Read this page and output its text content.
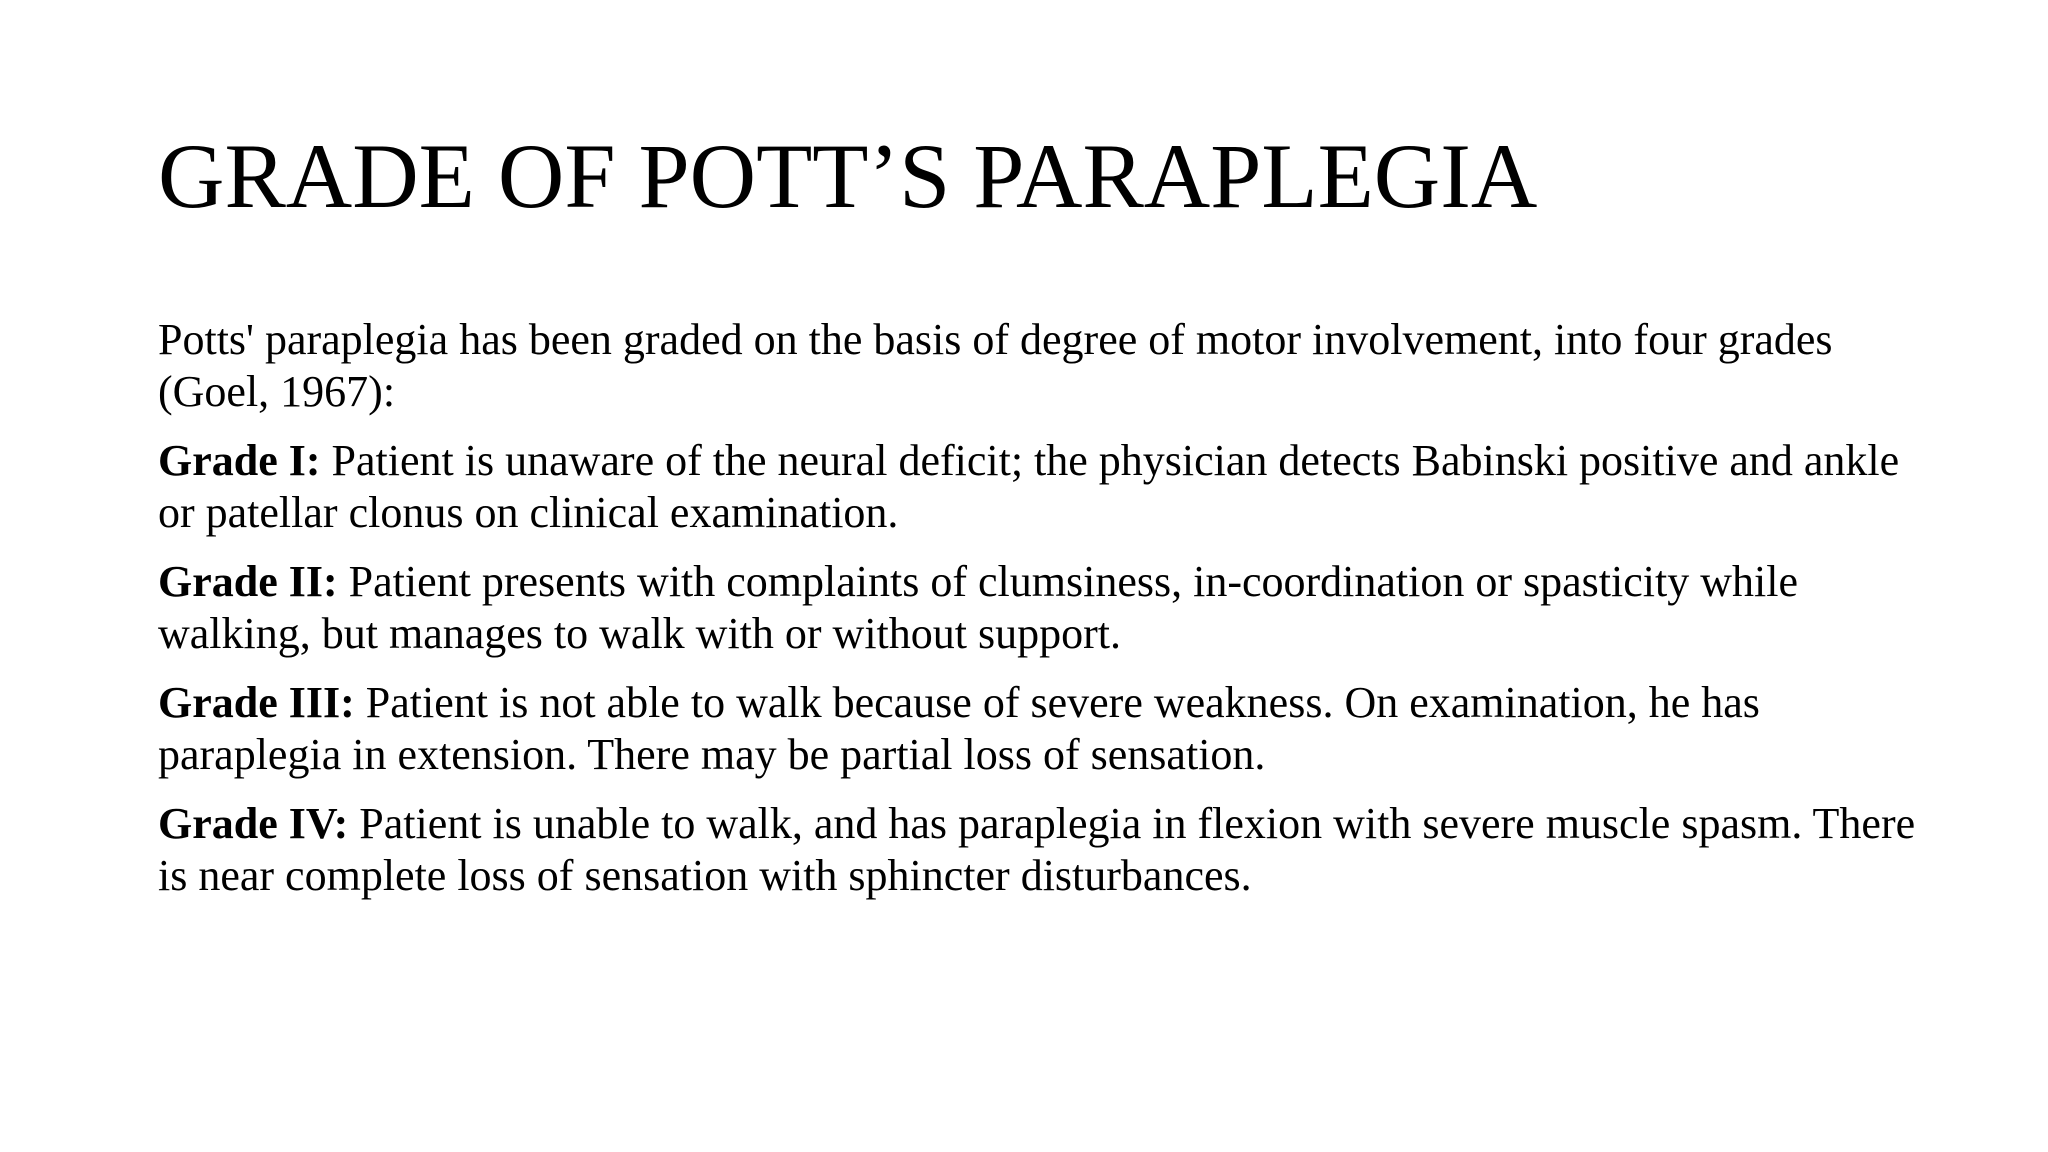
GRADE OF POTT’S PARAPLEGIA

Potts' paraplegia has been graded on the basis of degree of motor involvement, into four grades (Goel, 1967):

Grade I: Patient is unaware of the neural deficit; the physician detects Babinski positive and ankle or patellar clonus on clinical examination.

Grade II: Patient presents with complaints of clumsiness, in-coordination or spasticity while walking, but manages to walk with or without support.

Grade III: Patient is not able to walk because of severe weakness. On examination, he has paraplegia in extension. There may be partial loss of sensation.

Grade IV: Patient is unable to walk, and has paraplegia in flexion with severe muscle spasm. There is near complete loss of sensation with sphincter disturbances.
